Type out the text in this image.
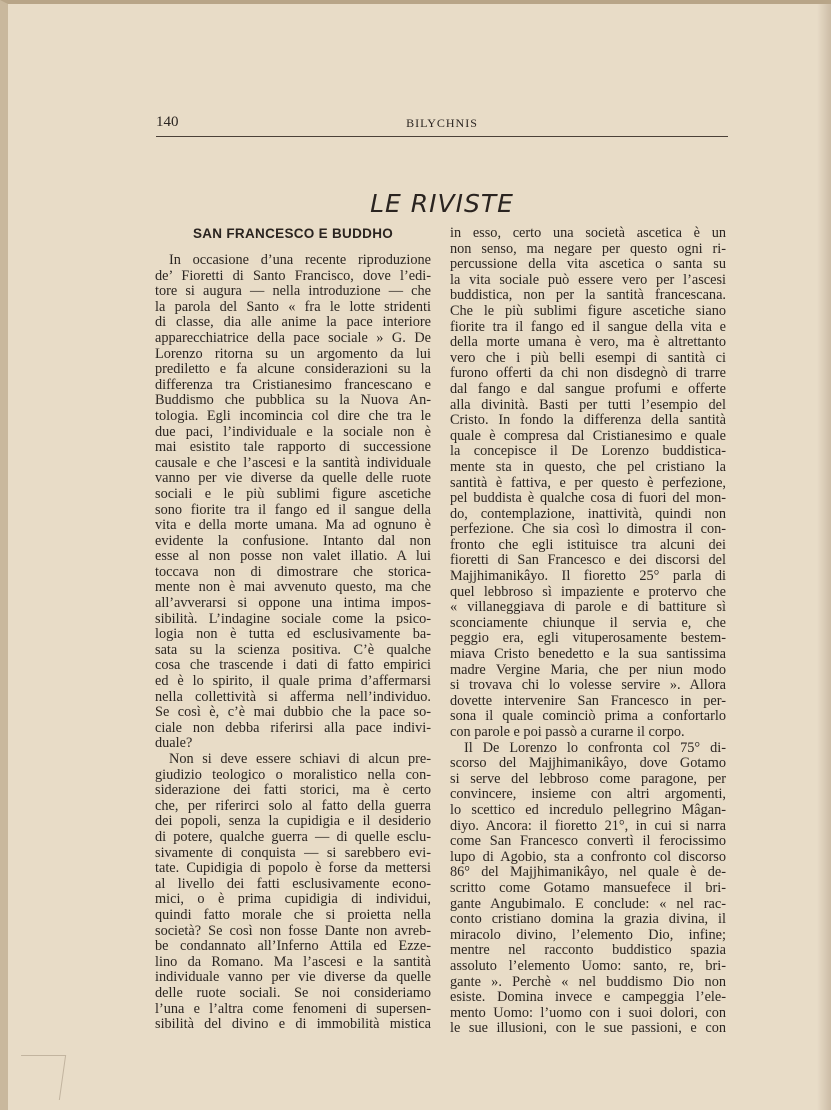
140	BILYCHNIS
LE RIVISTE
SAN FRANCESCO E BUDDHO
In occasione d’una recente riproduzione
de’ Fioretti di Santo Francisco, dove l’edi-
tore si augura — nella introduzione — che
la parola del Santo « fra le lotte stridenti
di classe, dia alle anime la pace interiore
apparecchiatrice della pace sociale » G. De
Lorenzo ritorna su un argomento da lui
prediletto e fa alcune considerazioni su la
differenza tra Cristianesimo francescano e
Buddismo che pubblica su la Nuova An-
tologia. Egli incomincia col dire che tra le
due paci, l’individuale e la sociale non è
mai esistito tale rapporto di successione
causale e che l’ascesi e la santità individuale
vanno per vie diverse da quelle delle ruote
sociali e le più sublimi figure ascetiche
sono fiorite tra il fango ed il sangue della
vita e della morte umana. Ma ad ognuno è
evidente la confusione. Intanto dal non
esse al non posse non valet illatio. A lui
toccava non di dimostrare che storica-
mente non è mai avvenuto questo, ma che
all’avverarsi si oppone una intima impos-
sibilità. L’indagine sociale come la psico-
logia non è tutta ed esclusivamente ba-
sata su la scienza positiva. C’è qualche
cosa che trascende i dati di fatto empirici
ed è lo spirito, il quale prima d’affermarsi
nella collettività si afferma nell’individuo.
Se così è, c’è mai dubbio che la pace so-
ciale non debba riferirsi alla pace indivi-
duale?
Non si deve essere schiavi di alcun pre-
giudizio teologico o moralistico nella con-
siderazione dei fatti storici, ma è certo
che, per riferirci solo al fatto della guerra
dei popoli, senza la cupidigia e il desiderio
di potere, qualche guerra — di quelle esclu-
sivamente di conquista — si sarebbero evi-
tate. Cupidigia di popolo è forse da mettersi
al livello dei fatti esclusivamente econo-
mici, o è prima cupidigia di individui,
quindi fatto morale che si proietta nella
società? Se così non fosse Dante non avreb-
be condannato all’Inferno Attila ed Ezze-
lino da Romano. Ma l’ascesi e la santità
individuale vanno per vie diverse da quelle
delle ruote sociali. Se noi consideriamo
l’una e l’altra come fenomeni di supersen-
sibilità del divino e di immobilità mistica
in esso, certo una società ascetica è un
non senso, ma negare per questo ogni ri-
percussione della vita ascetica o santa su
la vita sociale può essere vero per l’ascesi
buddistica, non per la santità francescana.
Che le più sublimi figure ascetiche siano
fiorite tra il fango ed il sangue della vita e
della morte umana è vero, ma è altrettanto
vero che i più belli esempi di santità ci
furono offerti da chi non disdegnò di trarre
dal fango e dal sangue profumi e offerte
alla divinità. Basti per tutti l’esempio del
Cristo. In fondo la differenza della santità
quale è compresa dal Cristianesimo e quale
la concepisce il De Lorenzo buddistica-
mente sta in questo, che pel cristiano la
santità è fattiva, e per questo è perfezione,
pel buddista è qualche cosa di fuori del mon-
do, contemplazione, inattività, quindi non
perfezione. Che sia così lo dimostra il con-
fronto che egli istituisce tra alcuni dei
fioretti di San Francesco e dei discorsi del
Majjhimanikâyo. Il fioretto 25° parla di
quel lebbroso sì impaziente e protervo che
« villaneggiava di parole e di battiture sì
sconciamente chiunque il servia e, che
peggio era, egli vituperosamente bestem-
miava Cristo benedetto e la sua santissima
madre Vergine Maria, che per niun modo
si trovava chi lo volesse servire ». Allora
dovette intervenire San Francesco in per-
sona il quale cominciò prima a confortarlo
con parole e poi passò a curarne il corpo.
Il De Lorenzo lo confronta col 75° di-
scorso del Majjhimanikâyo, dove Gotamo
si serve del lebbroso come paragone, per
convincere, insieme con altri argomenti,
lo scettico ed incredulo pellegrino Mâgan-
diyo. Ancora: il fioretto 21°, in cui si narra
come San Francesco convertì il ferocissimo
lupo di Agobio, sta a confronto col discorso
86° del Majjhimanikâyo, nel quale è de-
scritto come Gotamo mansuefece il bri-
gante Angubimalo. E conclude: « nel rac-
conto cristiano domina la grazia divina, il
miracolo divino, l’elemento Dio, infine;
mentre nel racconto buddistico spazia
assoluto l’elemento Uomo: santo, re, bri-
gante ». Perchè « nel buddismo Dio non
esiste. Domina invece e campeggia l’ele-
mento Uomo: l’uomo con i suoi dolori, con
le sue illusioni, con le sue passioni, e con
